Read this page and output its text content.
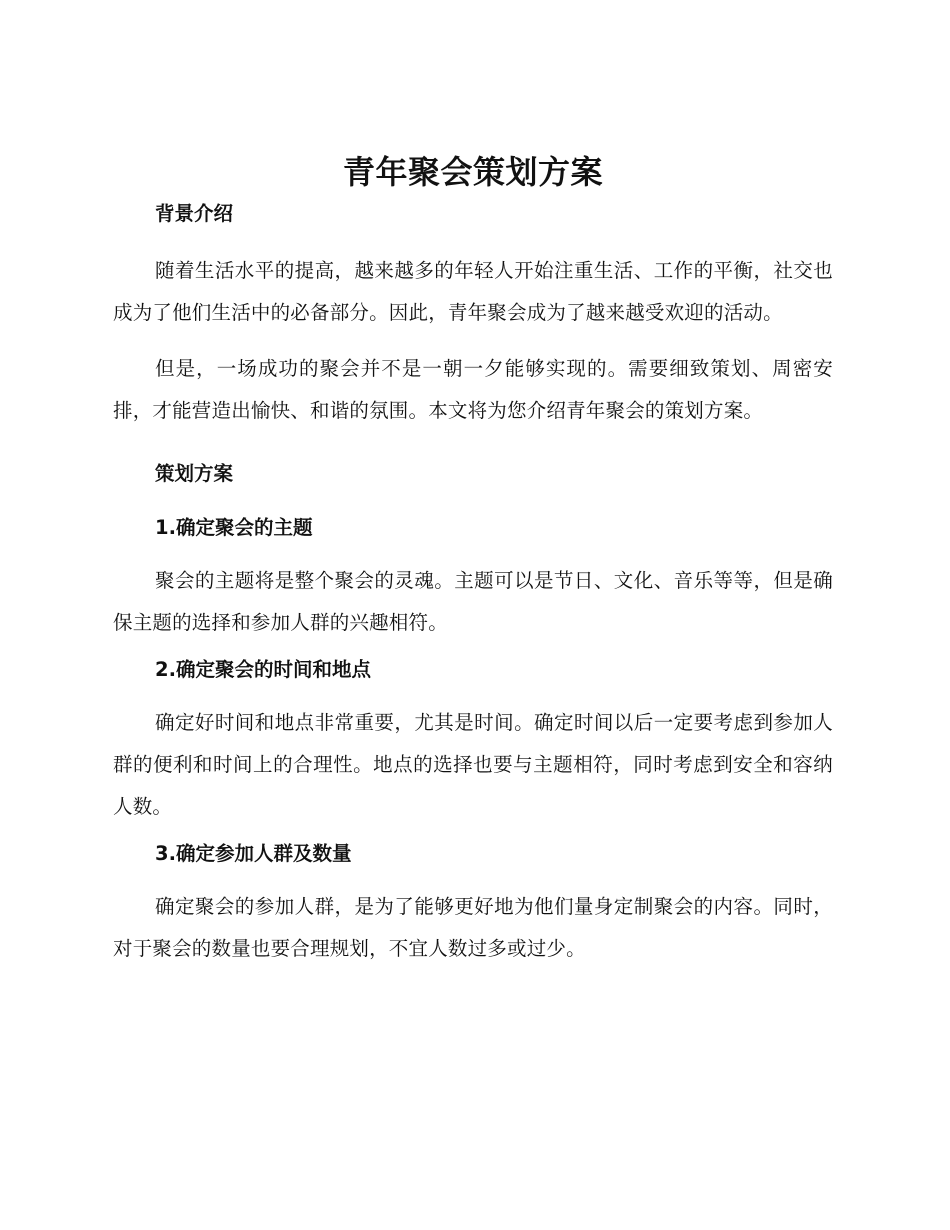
青年聚会策划方案
背景介绍

随着生活水平的提高，越来越多的年轻人开始注重生活、工作的平衡，社交也成为了他们生活中的必备部分。因此，青年聚会成为了越来越受欢迎的活动。

但是，一场成功的聚会并不是一朝一夕能够实现的。需要细致策划、周密安排，才能营造出愉快、和谐的氛围。本文将为您介绍青年聚会的策划方案。

策划方案
1.确定聚会的主题

聚会的主题将是整个聚会的灵魂。主题可以是节日、文化、音乐等等，但是确保主题的选择和参加人群的兴趣相符。

2.确定聚会的时间和地点

确定好时间和地点非常重要，尤其是时间。确定时间以后一定要考虑到参加人群的便利和时间上的合理性。地点的选择也要与主题相符，同时考虑到安全和容纳人数。

3.确定参加人群及数量

确定聚会的参加人群，是为了能够更好地为他们量身定制聚会的内容。同时，对于聚会的数量也要合理规划，不宜人数过多或过少。
